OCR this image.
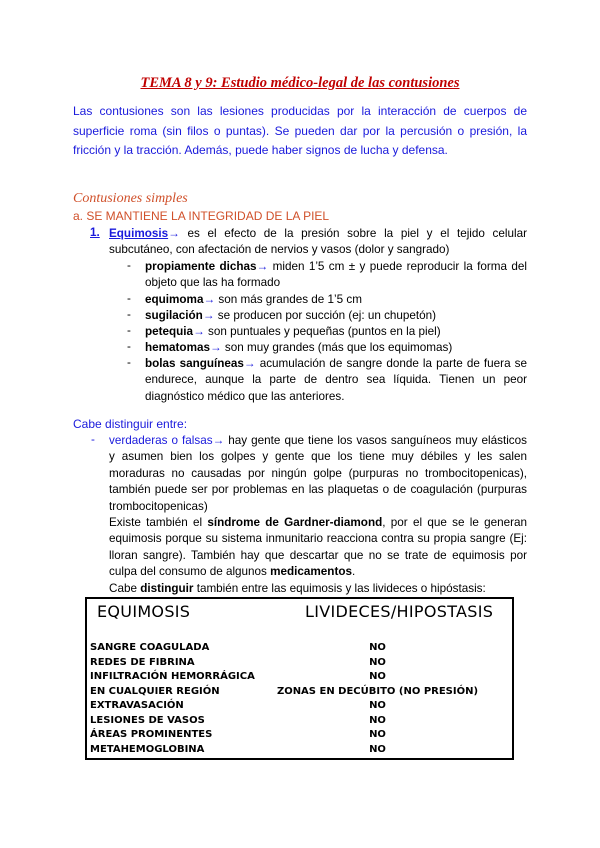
TEMA 8 y 9: Estudio médico-legal de las contusiones
Las contusiones son las lesiones producidas por la interacción de cuerpos de superficie roma (sin filos o puntas). Se pueden dar por la percusión o presión, la fricción y la tracción. Además, puede haber signos de lucha y defensa.
Contusiones simples
a. SE MANTIENE LA INTEGRIDAD DE LA PIEL
1. Equimosis→ es el efecto de la presión sobre la piel y el tejido celular subcutáneo, con afectación de nervios y vasos (dolor y sangrado)
- propiamente dichas→ miden 1’5 cm ± y puede reproducir la forma del objeto que las ha formado
- equimoma→ son más grandes de 1’5 cm
- sugilación→ se producen por succión (ej: un chupetón)
- petequia→ son puntuales y pequeñas (puntos en la piel)
- hematomas→ son muy grandes (más que los equimomas)
- bolas sanguíneas→ acumulación de sangre donde la parte de fuera se endurece, aunque la parte de dentro sea líquida. Tienen un peor diagnóstico médico que las anteriores.
Cabe distinguir entre:
- verdaderas o falsas→ hay gente que tiene los vasos sanguíneos muy elásticos y asumen bien los golpes y gente que los tiene muy débiles y les salen moraduras no causadas por ningún golpe (purpuras no trombocitopenicas), también puede ser por problemas en las plaquetas o de coagulación (purpuras trombocitopenicas)
Existe también el síndrome de Gardner-diamond, por el que se le generan equimosis porque su sistema inmunitario reacciona contra su propia sangre (Ej: lloran sangre). También hay que descartar que no se trate de equimosis por culpa del consumo de algunos medicamentos.
Cabe distinguir también entre las equimosis y las livideces o hipóstasis:
EQUIMOSIS	LIVIDECES/HIPOSTASIS
SANGRE COAGULADA	NO
REDES DE FIBRINA	NO
INFILTRACIÓN HEMORRÁGICA	NO
EN CUALQUIER REGIÓN	ZONAS EN DECÚBITO (NO PRESIÓN)
EXTRAVASACIÓN	NO
LESIONES DE VASOS	NO
ÁREAS PROMINENTES	NO
METAHEMOGLOBINA	NO
